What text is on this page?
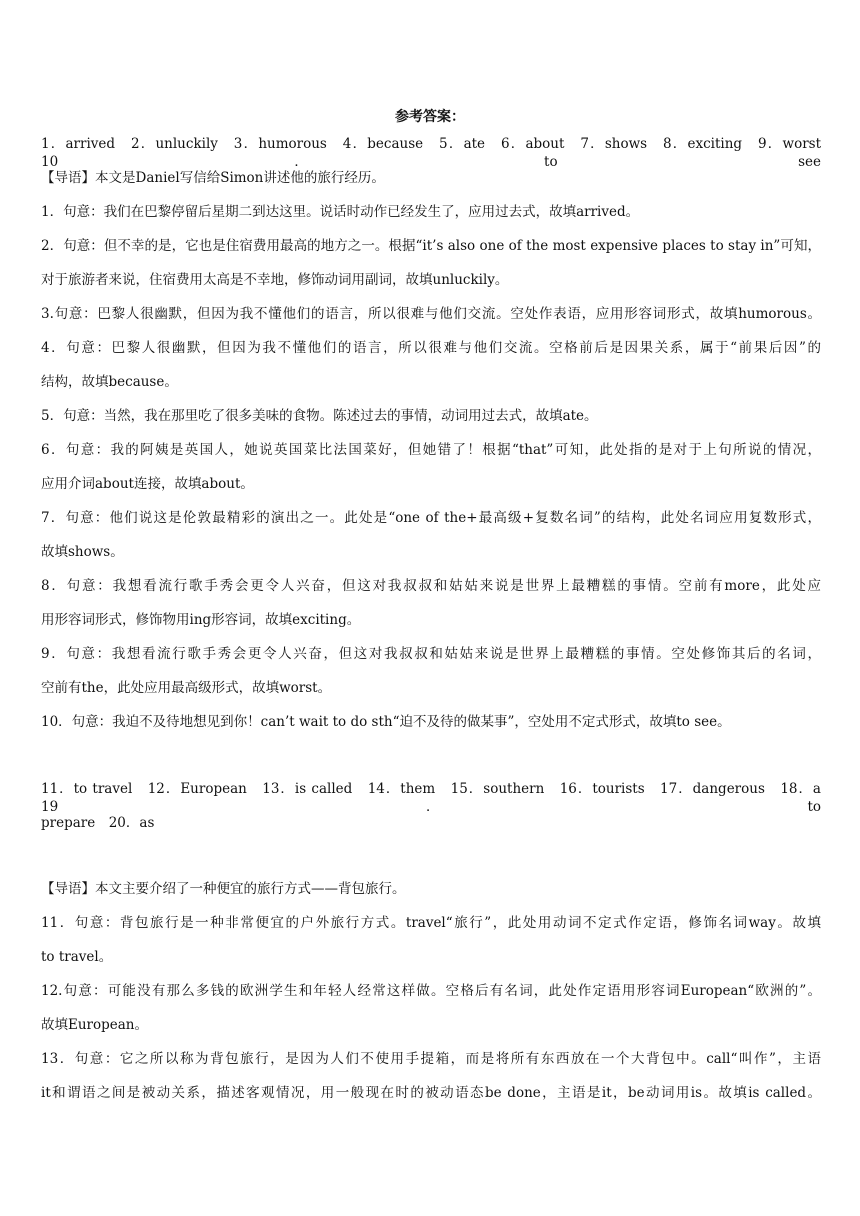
参考答案：
1．arrived　2．unluckily　3．humorous　4．because　5．ate　6．about　7．shows　8．exciting　9．worst　10．to see
【导语】本文是Daniel写信给Simon讲述他的旅行经历。
1．句意：我们在巴黎停留后星期二到达这里。说话时动作已经发生了，应用过去式，故填arrived。
2．句意：但不幸的是，它也是住宿费用最高的地方之一。根据“it’s also one of the most expensive places to stay in”可知，
对于旅游者来说，住宿费用太高是不幸地，修饰动词用副词，故填unluckily。
3.句意：巴黎人很幽默，但因为我不懂他们的语言，所以很难与他们交流。空处作表语，应用形容词形式，故填humorous。
4．句意：巴黎人很幽默，但因为我不懂他们的语言，所以很难与他们交流。空格前后是因果关系，属于“前果后因”的
结构，故填because。
5．句意：当然，我在那里吃了很多美味的食物。陈述过去的事情，动词用过去式，故填ate。
6．句意：我的阿姨是英国人，她说英国菜比法国菜好，但她错了！根据“that”可知，此处指的是对于上句所说的情况，
应用介词about连接，故填about。
7．句意：他们说这是伦敦最精彩的演出之一。此处是“one of the+最高级+复数名词”的结构，此处名词应用复数形式，
故填shows。
8．句意：我想看流行歌手秀会更令人兴奋，但这对我叔叔和姑姑来说是世界上最糟糕的事情。空前有more，此处应
用形容词形式，修饰物用ing形容词，故填exciting。
9．句意：我想看流行歌手秀会更令人兴奋，但这对我叔叔和姑姑来说是世界上最糟糕的事情。空处修饰其后的名词，
空前有the，此处应用最高级形式，故填worst。
10．句意：我迫不及待地想见到你！can’t wait to do sth“迫不及待的做某事”，空处用不定式形式，故填to see。
11．to travel　12．European　13．is called　14．them　15．southern　16．tourists　17．dangerous　18．a　19．to
prepare　20．as
【导语】本文主要介绍了一种便宜的旅行方式——背包旅行。
11．句意：背包旅行是一种非常便宜的户外旅行方式。travel“旅行”，此处用动词不定式作定语，修饰名词way。故填
to travel。
12.句意：可能没有那么多钱的欧洲学生和年轻人经常这样做。空格后有名词，此处作定语用形容词European“欧洲的”。
故填European。
13．句意：它之所以称为背包旅行，是因为人们不使用手提箱，而是将所有东西放在一个大背包中。call“叫作”，主语
it和谓语之间是被动关系，描述客观情况，用一般现在时的被动语态be done，主语是it，be动词用is。故填is called。
